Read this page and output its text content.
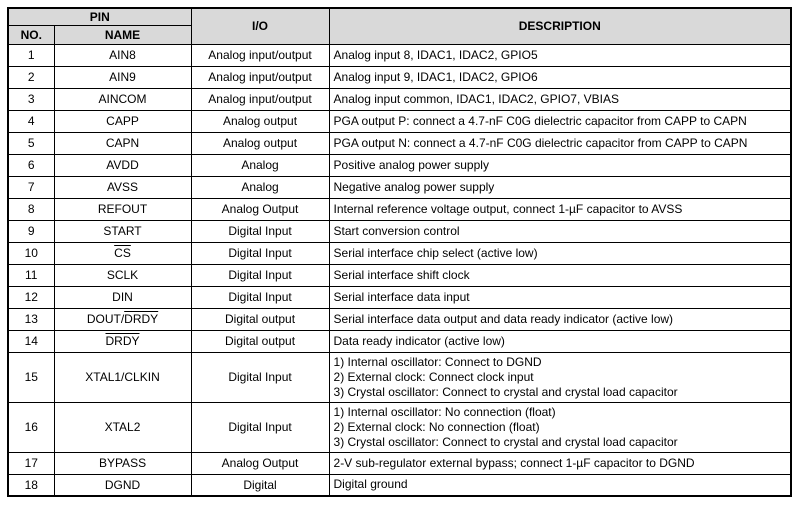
PIN		I/O	DESCRIPTION
NO.	NAME		
1	AIN8	Analog input/output	Analog input 8, IDAC1, IDAC2, GPIO5

2	AIN9	Analog input/output	Analog input 9, IDAC1, IDAC2, GPIO6

3	AINCOM	Analog input/output	Analog input common, IDAC1, IDAC2, GPIO7, VBIAS

4	CAPP	Analog output	PGA output P: connect a 4.7-nF C0G dielectric capacitor from CAPP to CAPN

5	CAPN	Analog output	PGA output N: connect a 4.7-nF C0G dielectric capacitor from CAPP to CAPN

6	AVDD	Analog	Positive analog power supply

7	AVSS	Analog	Negative analog power supply

8	REFOUT	Analog Output	Internal reference voltage output, connect 1-µF capacitor to AVSS

9	START	Digital Input	Start conversion control

10	$\overline{CS}$	Digital Input	Serial interface chip select (active low)

11	SCLK	Digital Input	Serial interface shift clock

12	DIN	Digital Input	Serial interface data input

13	DOUT/DRDY	Digital output	Serial interface data output and data ready indicator (active low)

14	DRDY	Digital output	Data ready indicator (active low)

15	XTAL1/CLKIN	Digital Input	1) Internal oscillator: Connect to DGND
2) External clock: Connect clock input
3) Crystal oscillator: Connect to crystal and crystal load capacitor

16	XTAL2	Digital Input	1) Internal oscillator: No connection (float)
2) External clock: No connection (float)
3) Crystal oscillator: Connect to crystal and crystal load capacitor

17	BYPASS	Analog Output	2-V sub-regulator external bypass; connect 1-µF capacitor to DGND

18	DGND	Digital	Digital ground
